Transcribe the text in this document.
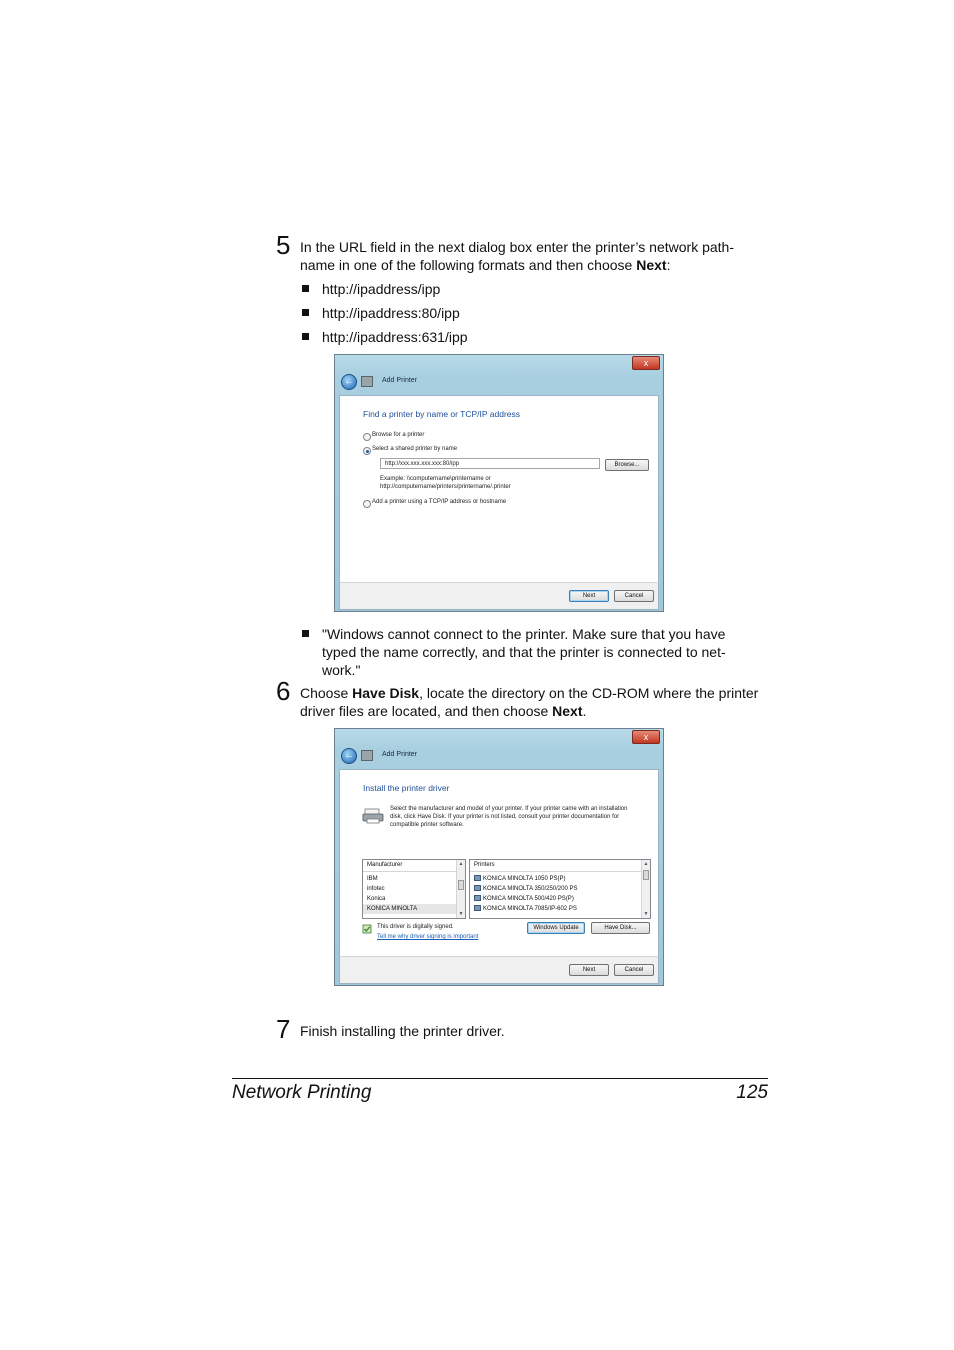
5 In the URL field in the next dialog box enter the printer’s network path-
name in one of the following formats and then choose Next:
http://ipaddress/ipp
http://ipaddress:80/ipp
http://ipaddress:631/ipp
x
←	Add Printer
Find a printer by name or TCP/IP address
Browse for a printer
Select a shared printer by name
http://xxx.xxx.xxx.xxx:80/ipp	Browse...
Example: \\computername\printername or
http://computername/printers/printername/.printer
Add a printer using a TCP/IP address or hostname
Next	Cancel
"Windows cannot connect to the printer. Make sure that you have
typed the name correctly, and that the printer is connected to net-
work."
6 Choose Have Disk, locate the directory on the CD-ROM where the printer
driver files are located, and then choose Next.
x
←	Add Printer
Install the printer driver
Select the manufacturer and model of your printer. If your printer came with an installation
disk, click Have Disk. If your printer is not listed, consult your printer documentation for
compatible printer software.
Manufacturer
IBM
infotec
Konica
KONICA MINOLTA
▲
▼
Printers
KONICA MINOLTA 1050 PS(P)
KONICA MINOLTA 350/250/200 PS
KONICA MINOLTA 500/420 PS(P)
KONICA MINOLTA 7085/IP-602 PS
▲
▼
This driver is digitally signed.
Tell me why driver signing is important
Windows Update	Have Disk...
Next	Cancel
7 Finish installing the printer driver.
Network Printing	125
